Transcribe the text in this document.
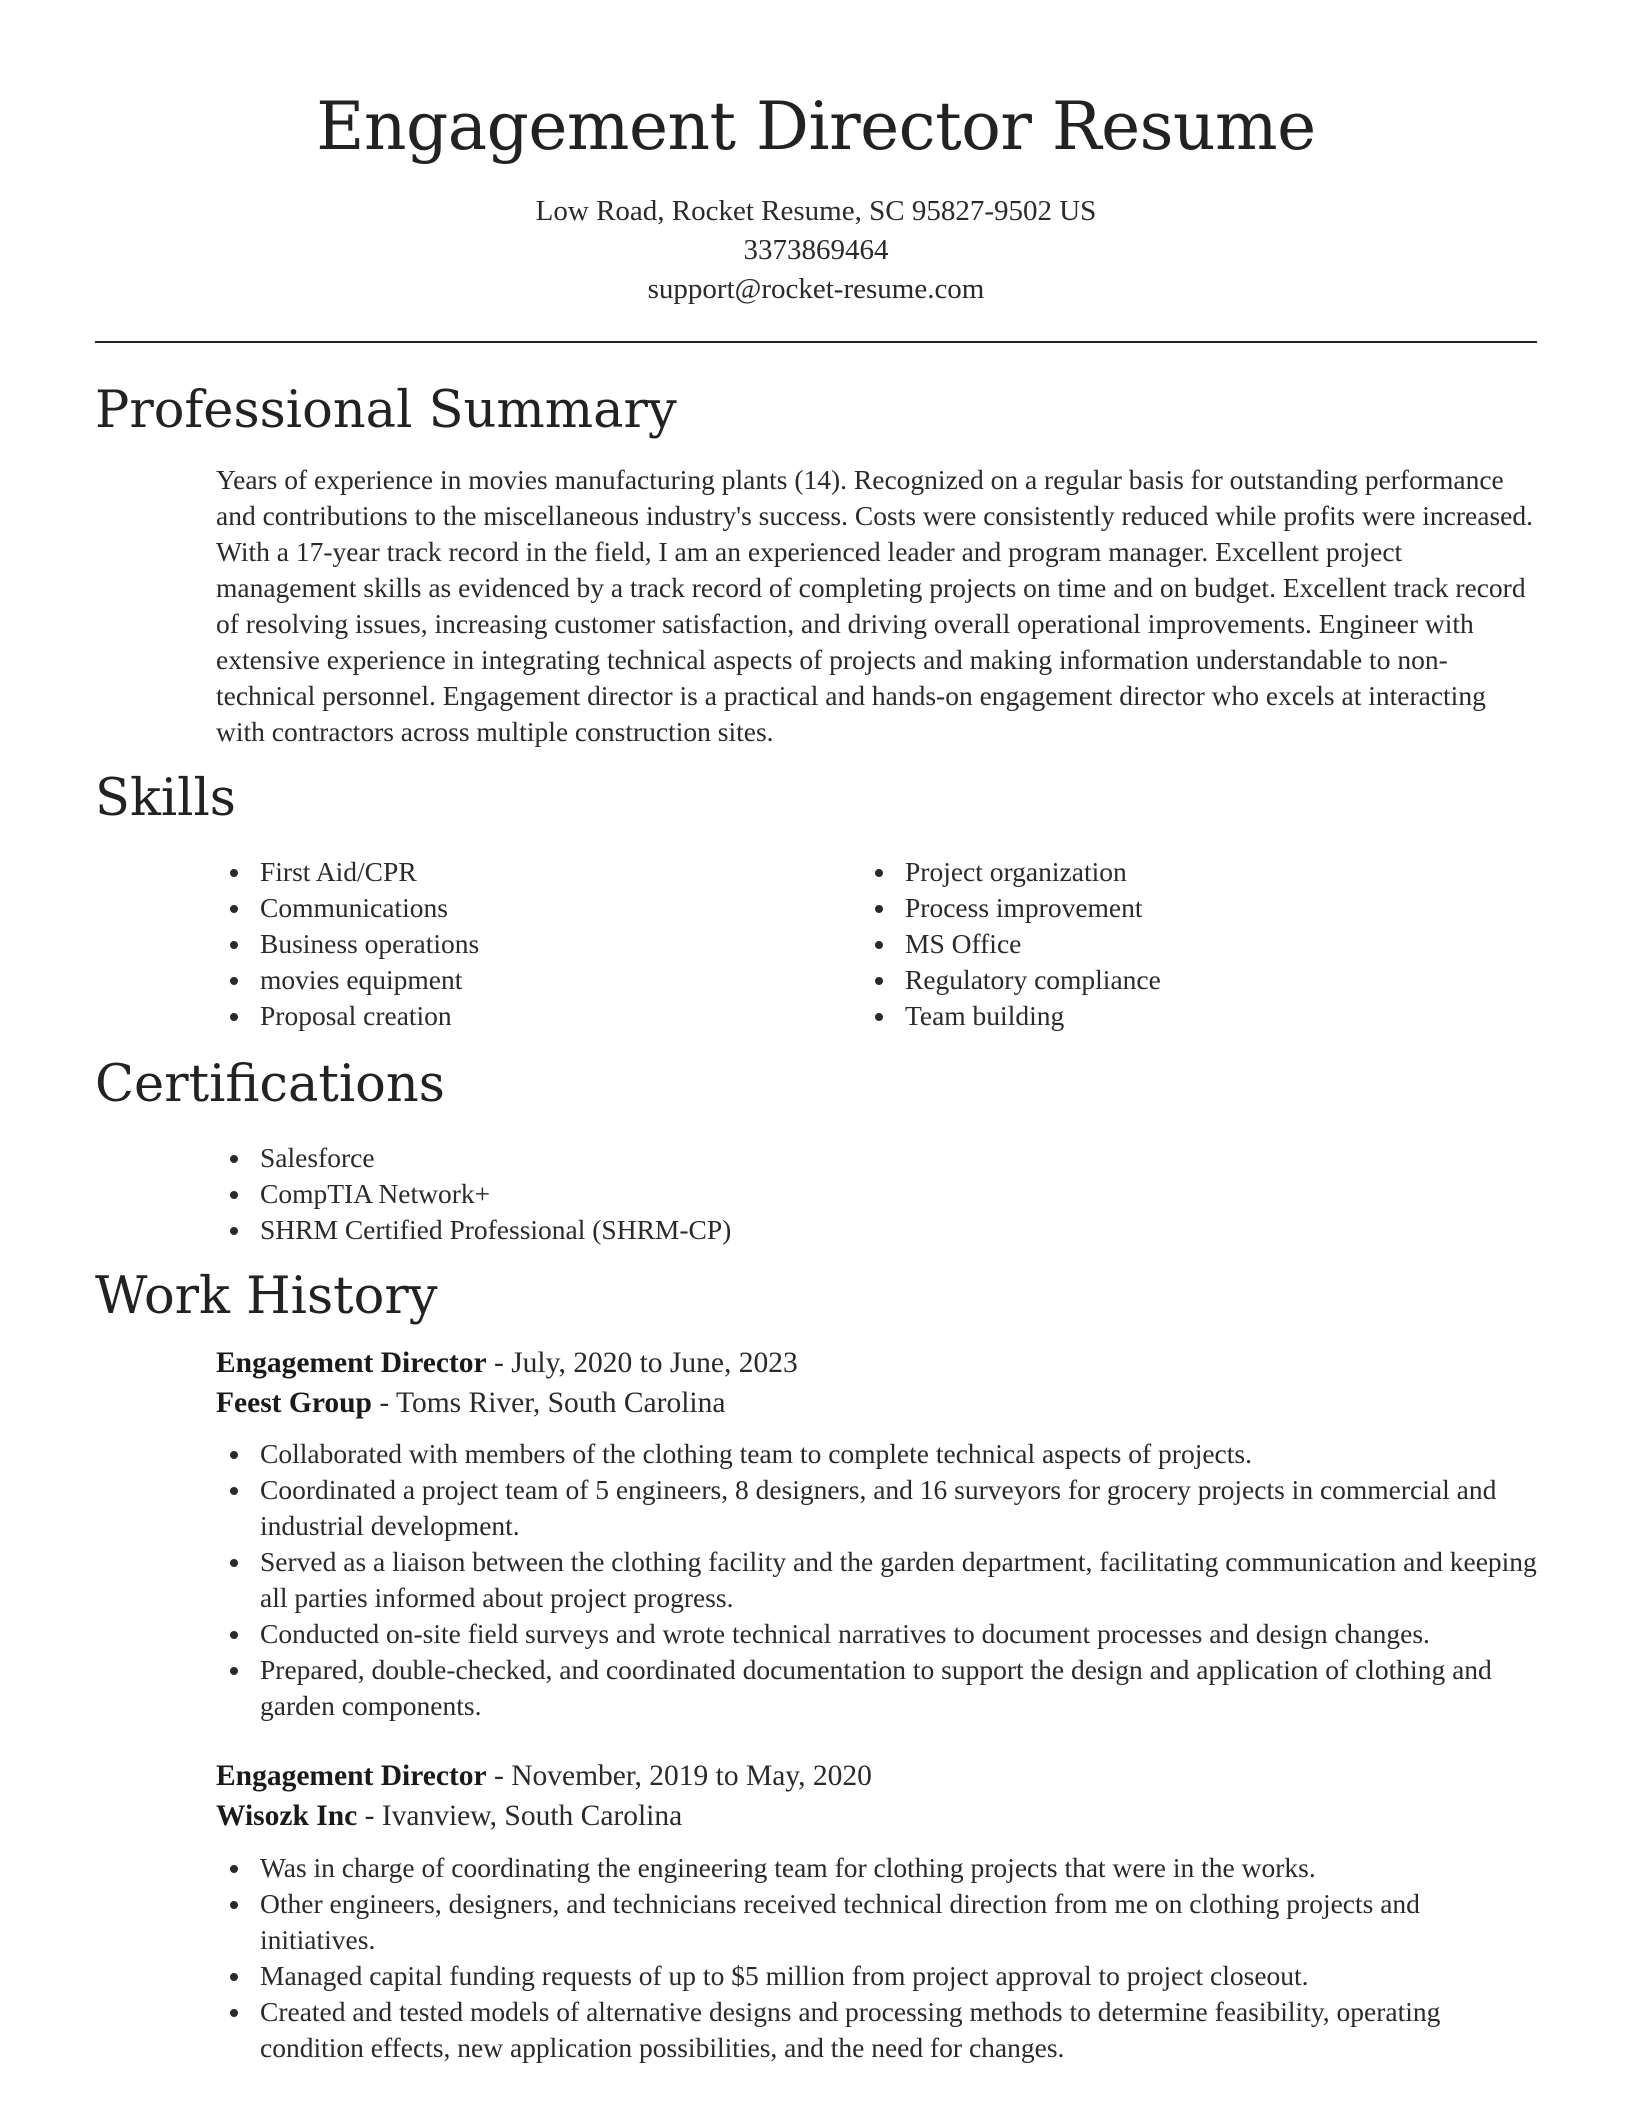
Engagement Director Resume
Low Road, Rocket Resume, SC 95827-9502 US
3373869464
support@rocket-resume.com
Professional Summary

Years of experience in movies manufacturing plants (14). Recognized on a regular basis for outstanding performance and contributions to the miscellaneous industry's success. Costs were consistently reduced while profits were increased. With a 17-year track record in the field, I am an experienced leader and program manager. Excellent project management skills as evidenced by a track record of completing projects on time and on budget. Excellent track record of resolving issues, increasing customer satisfaction, and driving overall operational improvements. Engineer with extensive experience in integrating technical aspects of projects and making information understandable to non-technical personnel. Engagement director is a practical and hands-on engagement director who excels at interacting with contractors across multiple construction sites.

Skills
First Aid/CPR
Communications
Business operations
movies equipment
Proposal creation
Project organization
Process improvement
MS Office
Regulatory compliance
Team building
Certifications
Salesforce
CompTIA Network+
SHRM Certified Professional (SHRM-CP)
Work History
Engagement Director - July, 2020 to June, 2023
Feest Group - Toms River, South Carolina
Collaborated with members of the clothing team to complete technical aspects of projects.
Coordinated a project team of 5 engineers, 8 designers, and 16 surveyors for grocery projects in commercial and industrial development.
Served as a liaison between the clothing facility and the garden department, facilitating communication and keeping all parties informed about project progress.
Conducted on-site field surveys and wrote technical narratives to document processes and design changes.
Prepared, double-checked, and coordinated documentation to support the design and application of clothing and garden components.
Engagement Director - November, 2019 to May, 2020
Wisozk Inc - Ivanview, South Carolina
Was in charge of coordinating the engineering team for clothing projects that were in the works.
Other engineers, designers, and technicians received technical direction from me on clothing projects and initiatives.
Managed capital funding requests of up to $5 million from project approval to project closeout.
Created and tested models of alternative designs and processing methods to determine feasibility, operating condition effects, new application possibilities, and the need for changes.
